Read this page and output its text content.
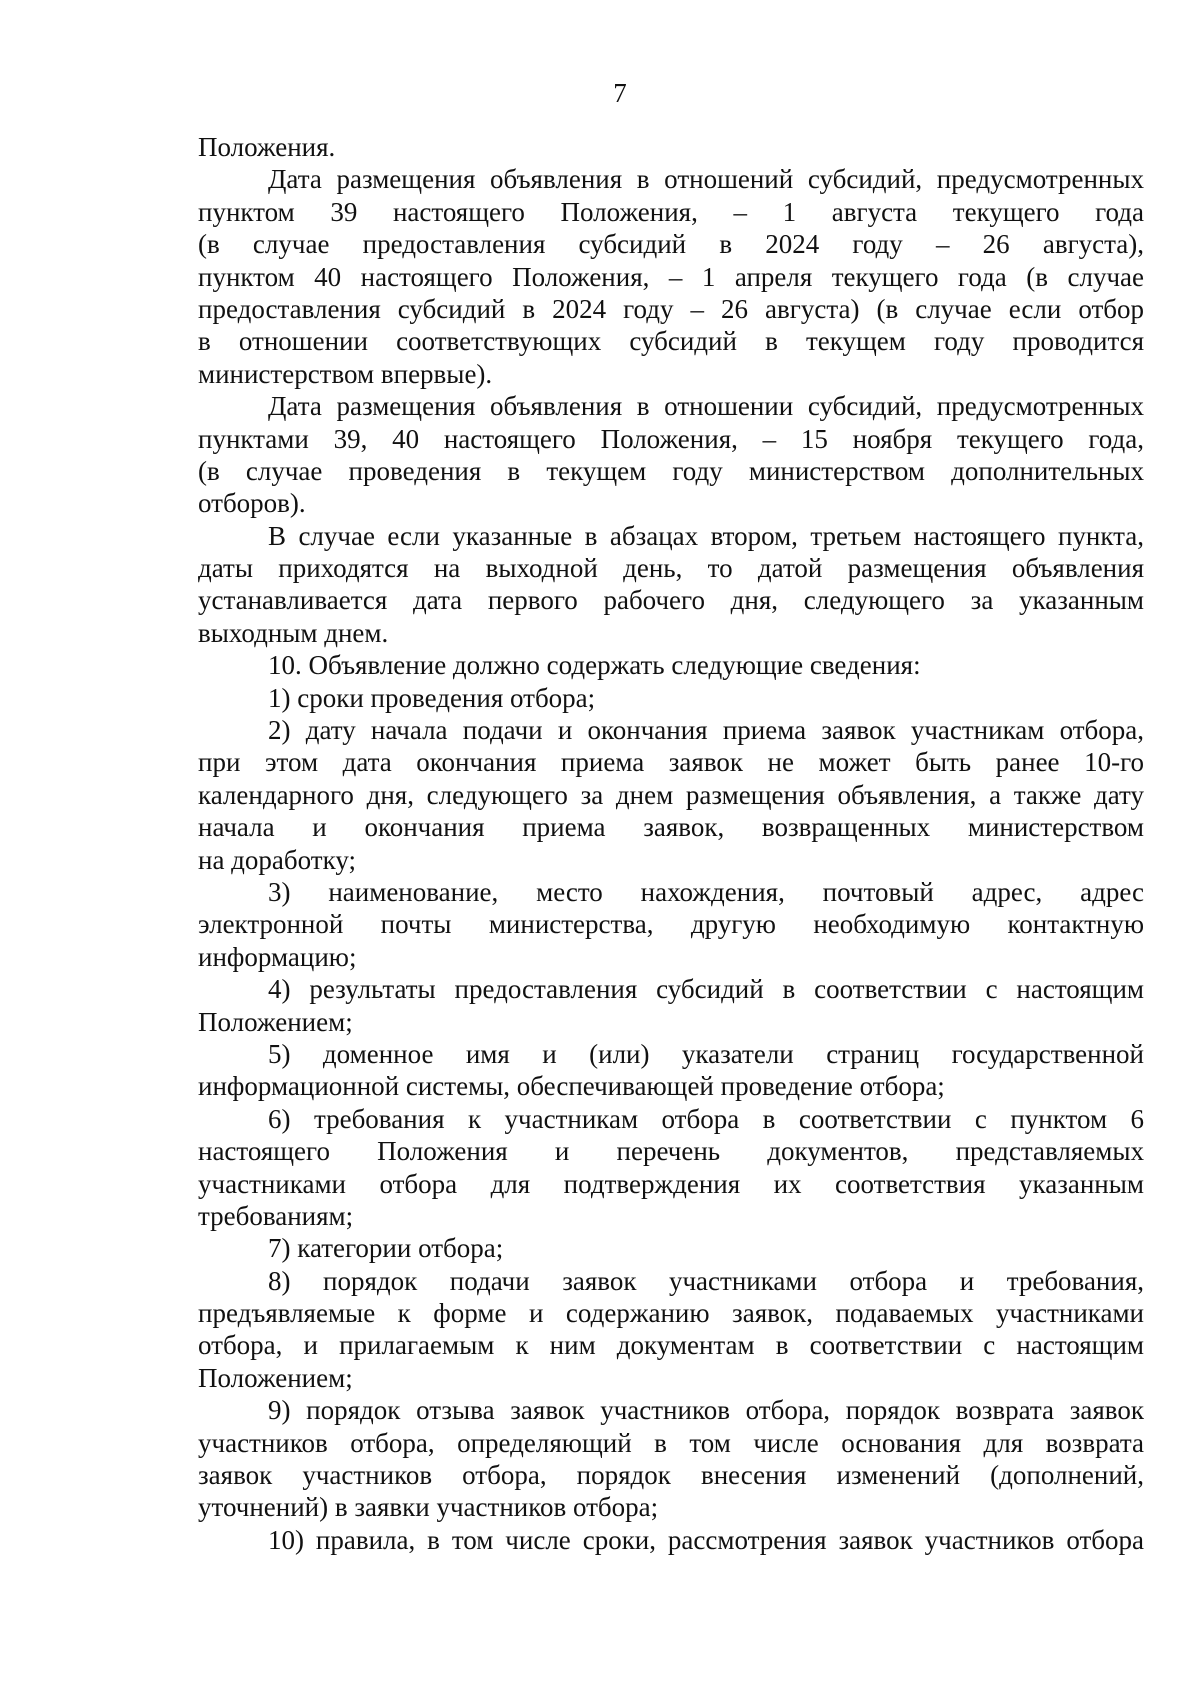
7
Положения.
Дата размещения объявления в отношений субсидий, предусмотренных
пунктом 39 настоящего Положения, – 1 августа текущего года
(в случае предоставления субсидий в 2024 году – 26 августа),
пунктом 40 настоящего Положения, – 1 апреля текущего года (в случае
предоставления субсидий в 2024 году – 26 августа) (в случае если отбор
в отношении соответствующих субсидий в текущем году проводится
министерством впервые).
Дата размещения объявления в отношении субсидий, предусмотренных
пунктами 39, 40 настоящего Положения, – 15 ноября текущего года,
(в случае проведения в текущем году министерством дополнительных
отборов).
В случае если указанные в абзацах втором, третьем настоящего пункта,
даты приходятся на выходной день, то датой размещения объявления
устанавливается дата первого рабочего дня, следующего за указанным
выходным днем.
10. Объявление должно содержать следующие сведения:
1) сроки проведения отбора;
2) дату начала подачи и окончания приема заявок участникам отбора,
при этом дата окончания приема заявок не может быть ранее 10-го
календарного дня, следующего за днем размещения объявления, а также дату
начала и окончания приема заявок, возвращенных министерством
на доработку;
3) наименование, место нахождения, почтовый адрес, адрес
электронной почты министерства, другую необходимую контактную
информацию;
4) результаты предоставления субсидий в соответствии с настоящим
Положением;
5) доменное имя и (или) указатели страниц государственной
информационной системы, обеспечивающей проведение отбора;
6) требования к участникам отбора в соответствии с пунктом 6
настоящего Положения и перечень документов, представляемых
участниками отбора для подтверждения их соответствия указанным
требованиям;
7) категории отбора;
8) порядок подачи заявок участниками отбора и требования,
предъявляемые к форме и содержанию заявок, подаваемых участниками
отбора, и прилагаемым к ним документам в соответствии с настоящим
Положением;
9) порядок отзыва заявок участников отбора, порядок возврата заявок
участников отбора, определяющий в том числе основания для возврата
заявок участников отбора, порядок внесения изменений (дополнений,
уточнений) в заявки участников отбора;
10) правила, в том числе сроки, рассмотрения заявок участников отбора
